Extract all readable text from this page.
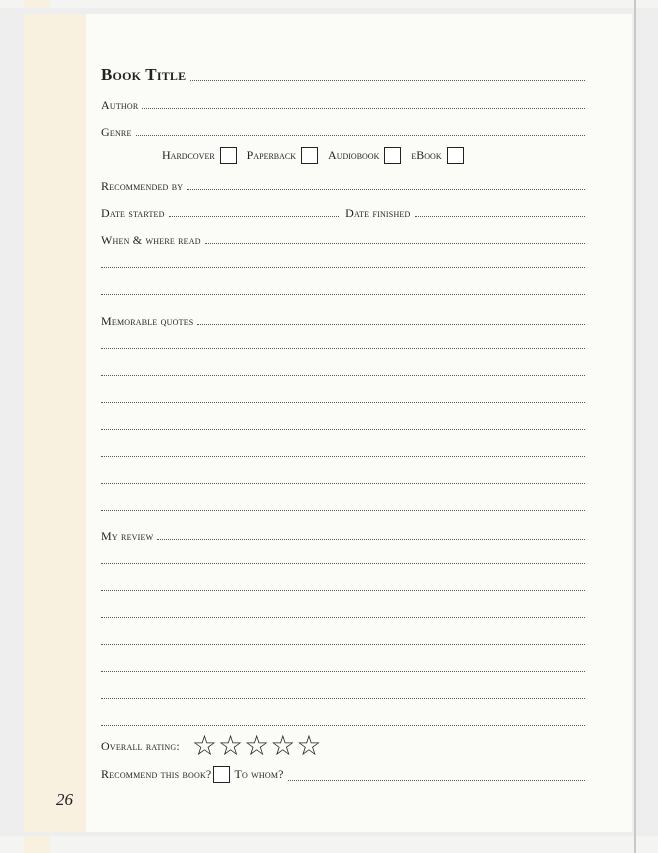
Book Title
Author
Genre
Hardcover	Paperback	Audiobook	eBook
Recommended by
Date started	Date finished
When & where read
Memorable quotes
My review
Overall rating: ☆ ☆ ☆ ☆ ☆
Recommend this book? To whom?
26
